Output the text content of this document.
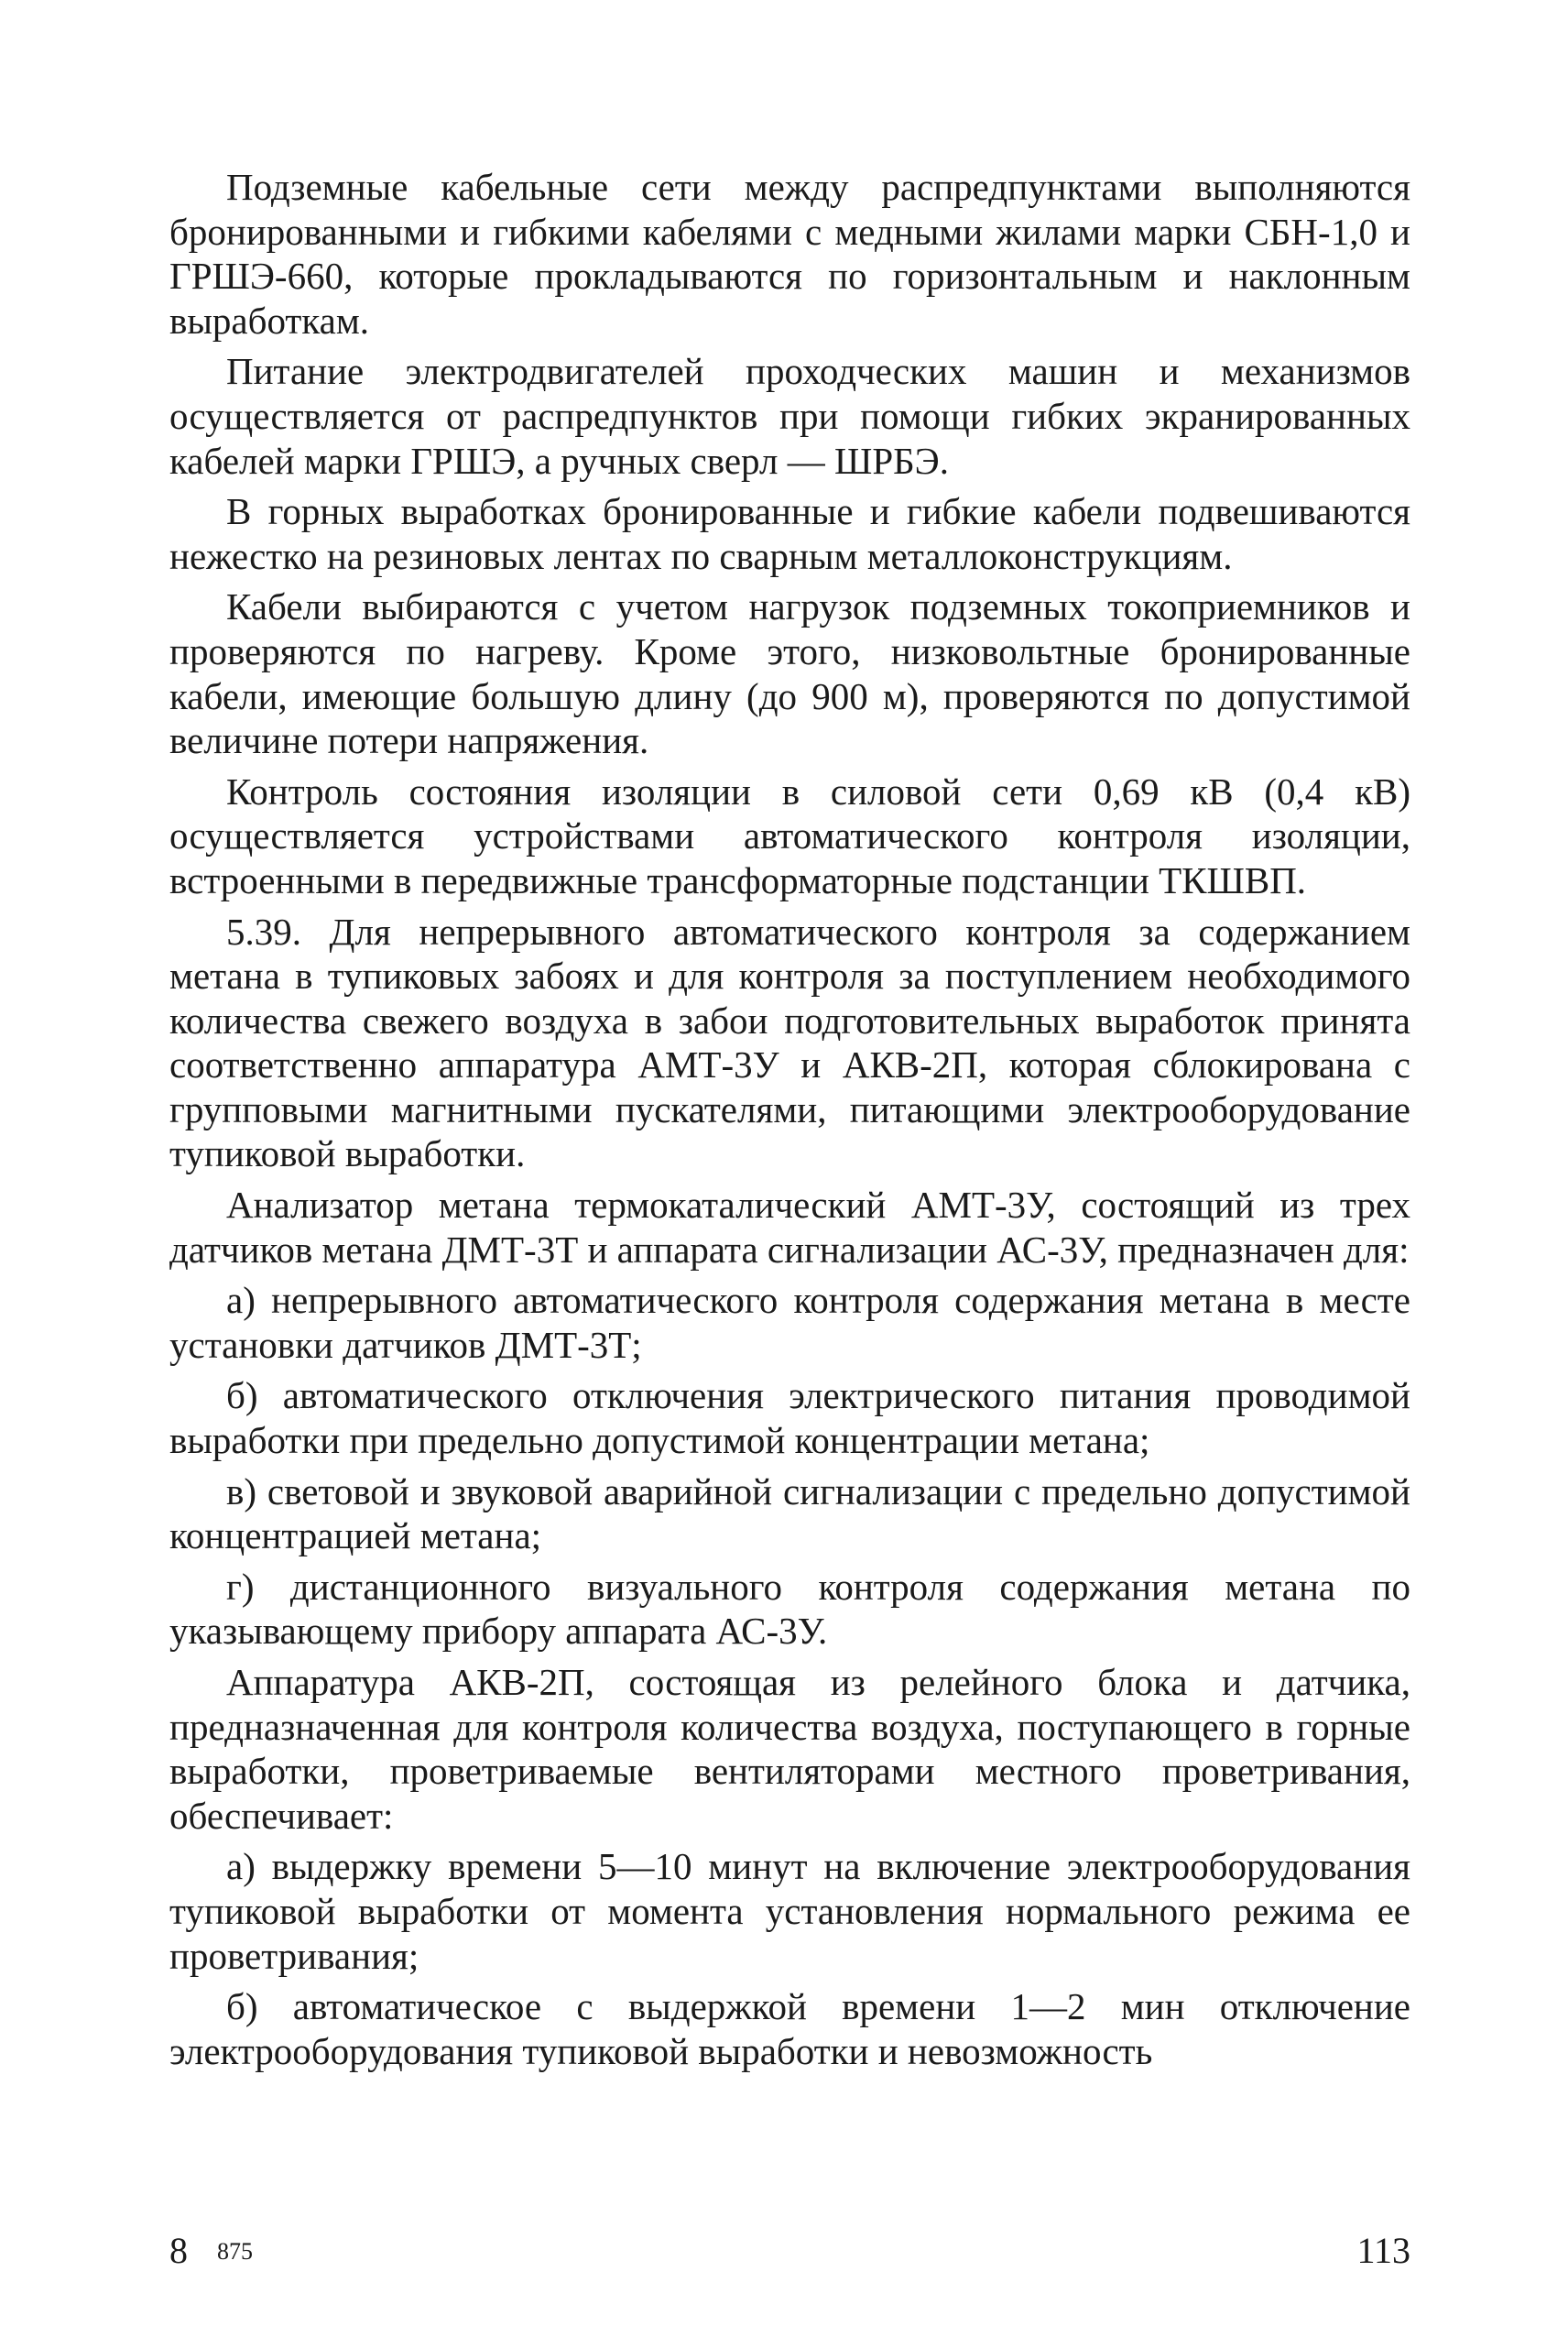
Подземные кабельные сети между распредпунктами выполняются бронированными и гибкими кабелями с медными жилами марки СБН-1,0 и ГРШЭ-660, которые прокладываются по горизонтальным и наклонным выработкам.

Питание электродвигателей проходческих машин и механизмов осуществляется от распредпунктов при помощи гибких экранированных кабелей марки ГРШЭ, а ручных сверл — ШРБЭ.

В горных выработках бронированные и гибкие кабели подвешиваются нежестко на резиновых лентах по сварным металлоконструкциям.

Кабели выбираются с учетом нагрузок подземных токоприемников и проверяются по нагреву. Кроме этого, низковольтные бронированные кабели, имеющие большую длину (до 900 м), проверяются по допустимой величине потери напряжения.

Контроль состояния изоляции в силовой сети 0,69 кВ (0,4 кВ) осуществляется устройствами автоматического контроля изоляции, встроенными в передвижные трансформаторные подстанции ТКШВП.

5.39. Для непрерывного автоматического контроля за содержанием метана в тупиковых забоях и для контроля за поступлением необходимого количества свежего воздуха в забои подготовительных выработок принята соответственно аппаратура АМТ-3У и АКВ-2П, которая сблокирована с групповыми магнитными пускателями, питающими электрооборудование тупиковой выработки.

Анализатор метана термокаталический АМТ-3У, состоящий из трех датчиков метана ДМТ-3Т и аппарата сигнализации АС-3У, предназначен для:

а) непрерывного автоматического контроля содержания метана в месте установки датчиков ДМТ-3Т;

б) автоматического отключения электрического питания проводимой выработки при предельно допустимой концентрации метана;

в) световой и звуковой аварийной сигнализации с предельно допустимой концентрацией метана;

г) дистанционного визуального контроля содержания метана по указывающему прибору аппарата АС-3У.

Аппаратура АКВ-2П, состоящая из релейного блока и датчика, предназначенная для контроля количества воздуха, поступающего в горные выработки, проветриваемые вентиляторами местного проветривания, обеспечивает:

а) выдержку времени 5—10 минут на включение электрооборудования тупиковой выработки от момента установления нормального режима ее проветривания;

б) автоматическое с выдержкой времени 1—2 мин отключение электрооборудования тупиковой выработки и невозможность

8 875	113
